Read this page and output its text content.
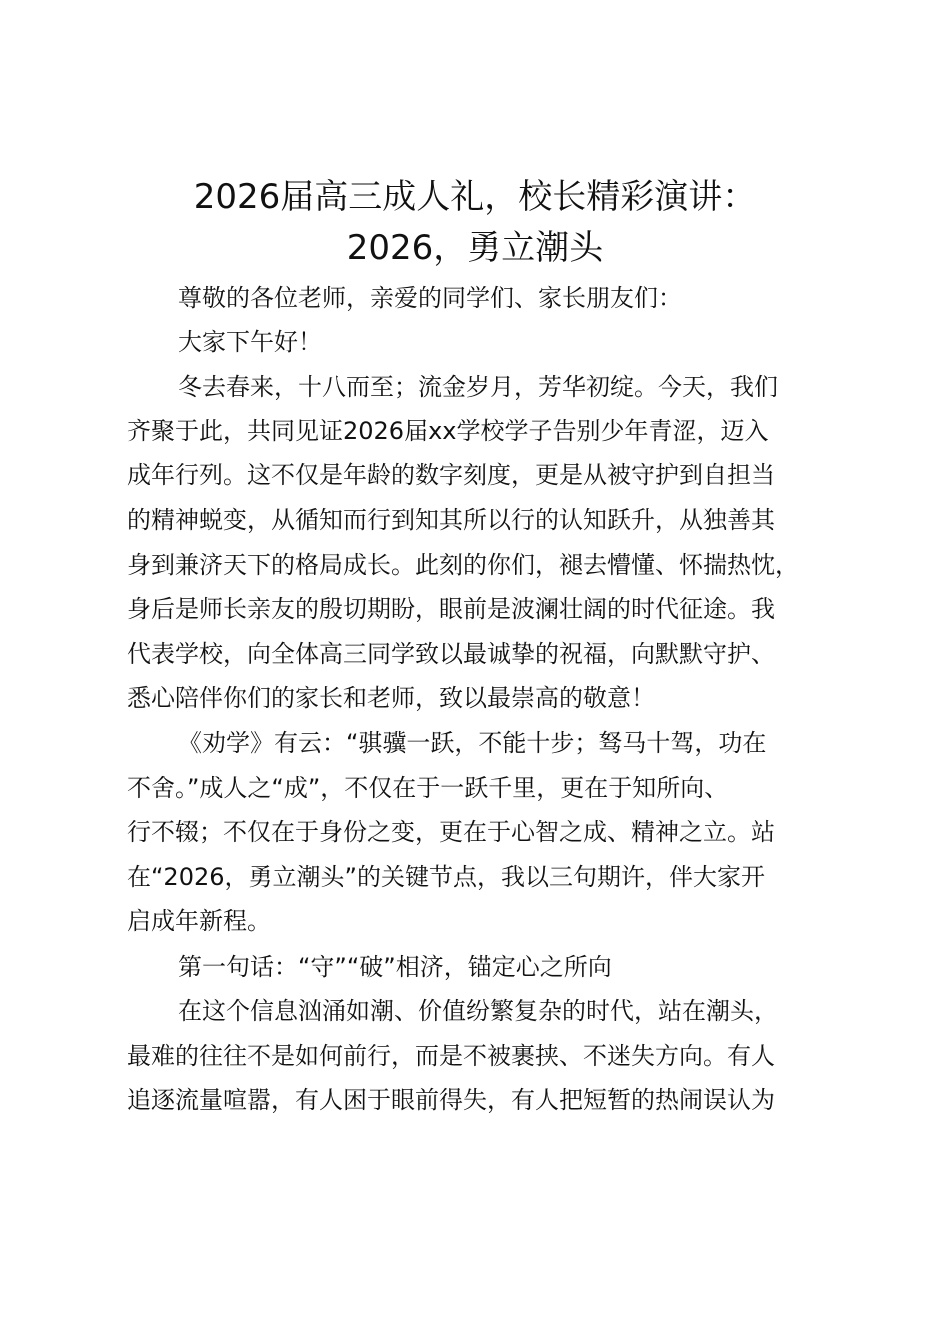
2026届高三成人礼，校长精彩演讲：
2026，勇立潮头

尊敬的各位老师，亲爱的同学们、家长朋友们：

大家下午好！

冬去春来，十八而至；流金岁月，芳华初绽。今天，我们

齐聚于此，共同见证2026届xx学校学子告别少年青涩，迈入

成年行列。这不仅是年龄的数字刻度，更是从被守护到自担当

的精神蜕变，从循知而行到知其所以行的认知跃升，从独善其

身到兼济天下的格局成长。此刻的你们，褪去懵懂、怀揣热忱，

身后是师长亲友的殷切期盼，眼前是波澜壮阔的时代征途。我

代表学校，向全体高三同学致以最诚挚的祝福，向默默守护、

悉心陪伴你们的家长和老师，致以最崇高的敬意！

《劝学》有云：“骐骥一跃，不能十步；驽马十驾，功在

不舍。”成人之“成”，不仅在于一跃千里，更在于知所向、

行不辍；不仅在于身份之变，更在于心智之成、精神之立。站

在“2026，勇立潮头”的关键节点，我以三句期许，伴大家开

启成年新程。

第一句话：“守”“破”相济，锚定心之所向

在这个信息汹涌如潮、价值纷繁复杂的时代，站在潮头，

最难的往往不是如何前行，而是不被裹挟、不迷失方向。有人

追逐流量喧嚣，有人困于眼前得失，有人把短暂的热闹误认为
